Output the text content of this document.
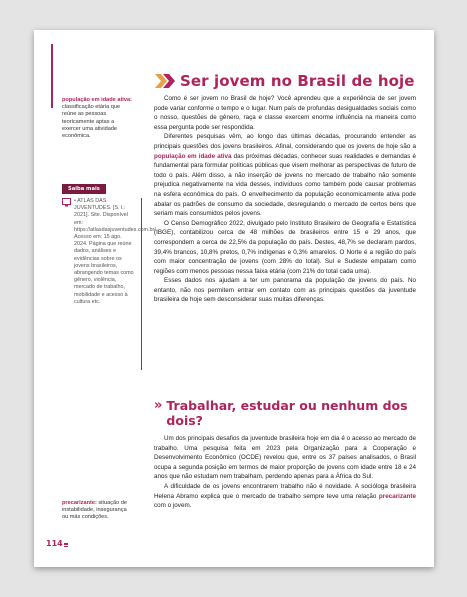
Ser jovem no Brasil de hoje

Como é ser jovem no Brasil de hoje? Você aprendeu que a experiência de ser jovem pode variar conforme o tempo e o lugar. Num país de profundas desigualdades sociais como o nosso, questões de gênero, raça e classe exercem enorme influência na maneira como essa pergunta pode ser respondida.

Diferentes pesquisas vêm, ao longo das últimas décadas, procurando entender as principais questões dos jovens brasileiros. Afinal, considerando que os jovens de hoje são a população em idade ativa das próximas décadas, conhecer suas realidades e demandas é fundamental para formular políticas públicas que visem melhorar as perspectivas de futuro de todo o país. Além disso, a não inserção de jovens no mercado de trabalho não somente prejudica negativamente na vida desses, indivíduos como também pode causar problemas na esfera econômica do país. O envelhecimento da população economicamente ativa pode abalar os padrões de consumo da sociedade, desregulando o mercado de certos bens que seriam mais consumidos pelos jovens.

O Censo Demográfico 2022, divulgado pelo Instituto Brasileiro de Geografia e Estatística (IBGE), contabilizou cerca de 48 milhões de brasileiros entre 15 e 29 anos, que correspondem a cerca de 22,5% da população do país. Destes, 48,7% se declaram pardos, 39,4% brancos, 10,8% pretos, 0,7% indígenas e 0,3% amarelos. O Norte é a região do país com maior concentração de jovens (com 28% do total). Sul e Sudeste empatam como regiões com menos pessoas nessa faixa etária (com 21% do total cada uma).

Esses dados nos ajudam a ter um panorama da população de jovens do país. No entanto, não nos permitem entrar em contato com as principais questões da juventude brasileira de hoje sem desconsiderar suas muitas diferenças.

» Trabalhar, estudar ou nenhum dos dois?

Um dos principais desafios da juventude brasileira hoje em dia é o acesso ao mercado de trabalho. Uma pesquisa feita em 2023 pela Organização para a Cooperação e Desenvolvimento Econômico (OCDE) revelou que, entre os 37 países analisados, o Brasil ocupa a segunda posição em termos de maior proporção de jovens com idade entre 18 e 24 anos que não estudam nem trabalham, perdendo apenas para a África do Sul.

A dificuldade de os jovens encontrarem trabalho não é novidade. A socióloga brasileira Helena Abramo explica que o mercado de trabalho sempre teve uma relação precarizante com o jovem.

população em idade ativa: classificação etária que reúne as pessoas teoricamente aptas a exercer uma atividade econômica.
Saiba mais
• ATLAS DAS JUVENTUDES. [S. l.: 2021]. Site. Disponível em: https://atlasdasjuventudes.com.br/. Acesso em: 15 ago. 2024. Página que reúne dados, análises e evidências sobre os jovens brasileiros, abrangendo temas como gênero, violência, mercado de trabalho, mobilidade e acesso à cultura etc.
precarizante: situação de instabilidade, insegurança ou más condições.
114
